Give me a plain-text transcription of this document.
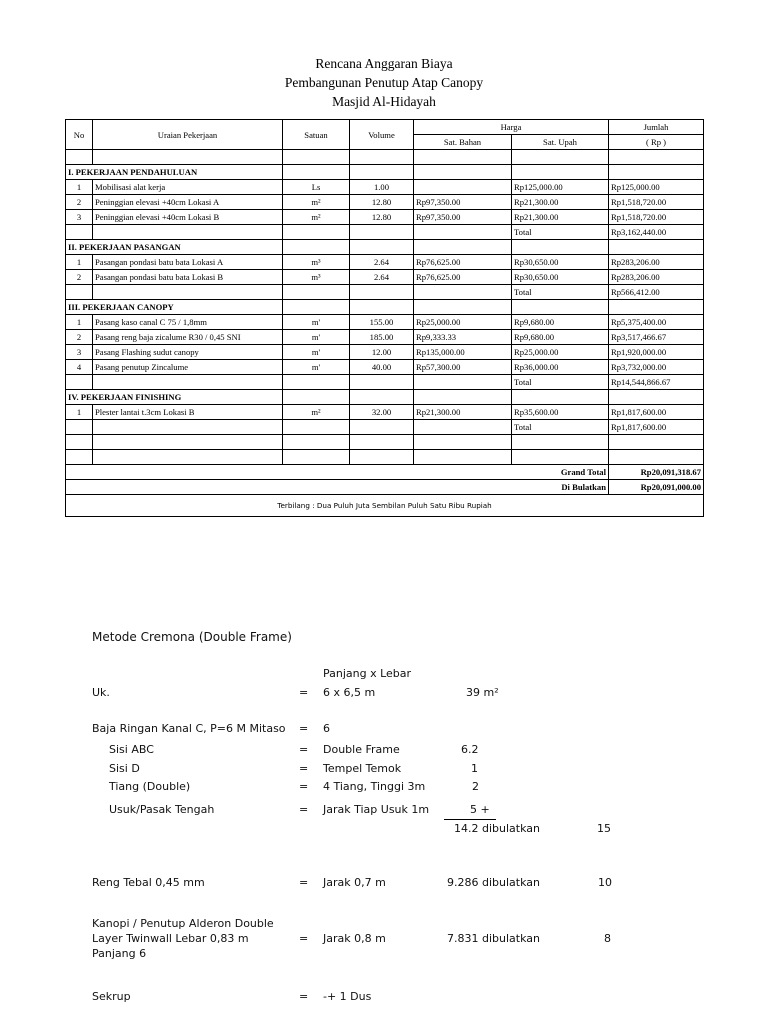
Rencana Anggaran Biaya
Pembangunan Penutup Atap Canopy
Masjid Al-Hidayah
No	Uraian Pekerjaan	Satuan	Volume	Harga		Jumlah
				Sat. Bahan	Sat. Upah	( Rp )

I. PEKERJAAN PENDAHULUAN						
1	Mobilisasi alat kerja	Ls	1.00		Rp125,000.00	Rp125,000.00
2	Peninggian elevasi +40cm Lokasi A	m²	12.80	Rp97,350.00	Rp21,300.00	Rp1,518,720.00
3	Peninggian elevasi +40cm Lokasi B	m²	12.80	Rp97,350.00	Rp21,300.00	Rp1,518,720.00
					Total	Rp3,162,440.00
II. PEKERJAAN PASANGAN						
1	Pasangan pondasi batu bata Lokasi A	m³	2.64	Rp76,625.00	Rp30,650.00	Rp283,206.00
2	Pasangan pondasi batu bata Lokasi B	m³	2.64	Rp76,625.00	Rp30,650.00	Rp283,206.00
					Total	Rp566,412.00
III. PEKERJAAN CANOPY						
1	Pasang kaso canal C 75 / 1,8mm	m'	155.00	Rp25,000.00	Rp9,680.00	Rp5,375,400.00
2	Pasang reng baja zicalume R30 / 0,45 SNI	m'	185.00	Rp9,333.33	Rp9,680.00	Rp3,517,466.67
3	Pasang Flashing sudut canopy	m'	12.00	Rp135,000.00	Rp25,000.00	Rp1,920,000.00
4	Pasang penutup Zincalume	m'	40.00	Rp57,300.00	Rp36,000.00	Rp3,732,000.00
					Total	Rp14,544,866.67
IV. PEKERJAAN FINISHING						
1	Plester lantai t.3cm Lokasi B	m²	32.00	Rp21,300.00	Rp35,600.00	Rp1,817,600.00
					Total	Rp1,817,600.00

Grand Total						Rp20,091,318.67
Di Bulatkan						Rp20,091,000.00
Terbilang : Dua Puluh Juta Sembilan Puluh Satu Ribu Rupiah						
Metode Cremona (Double Frame)
Panjang x Lebar
Uk.	= 6 x 6,5 m	39 m²
Baja Ringan Kanal C, P=6 M Mitaso = 6
Sisi ABC	= Double Frame	6.2
Sisi D	= Tempel Temok	1
Tiang (Double)	= 4 Tiang, Tinggi 3m	2
Usuk/Pasak Tengah	= Jarak Tiap Usuk 1m	5 +
14.2 dibulatkan	15
Reng Tebal 0,45 mm	= Jarak 0,7 m	9.286 dibulatkan	10
Kanopi / Penutup Alderon Double
Layer Twinwall Lebar 0,83 m
Panjang 6
= Jarak 0,8 m	7.831 dibulatkan	8
Sekrup	= -+ 1 Dus
